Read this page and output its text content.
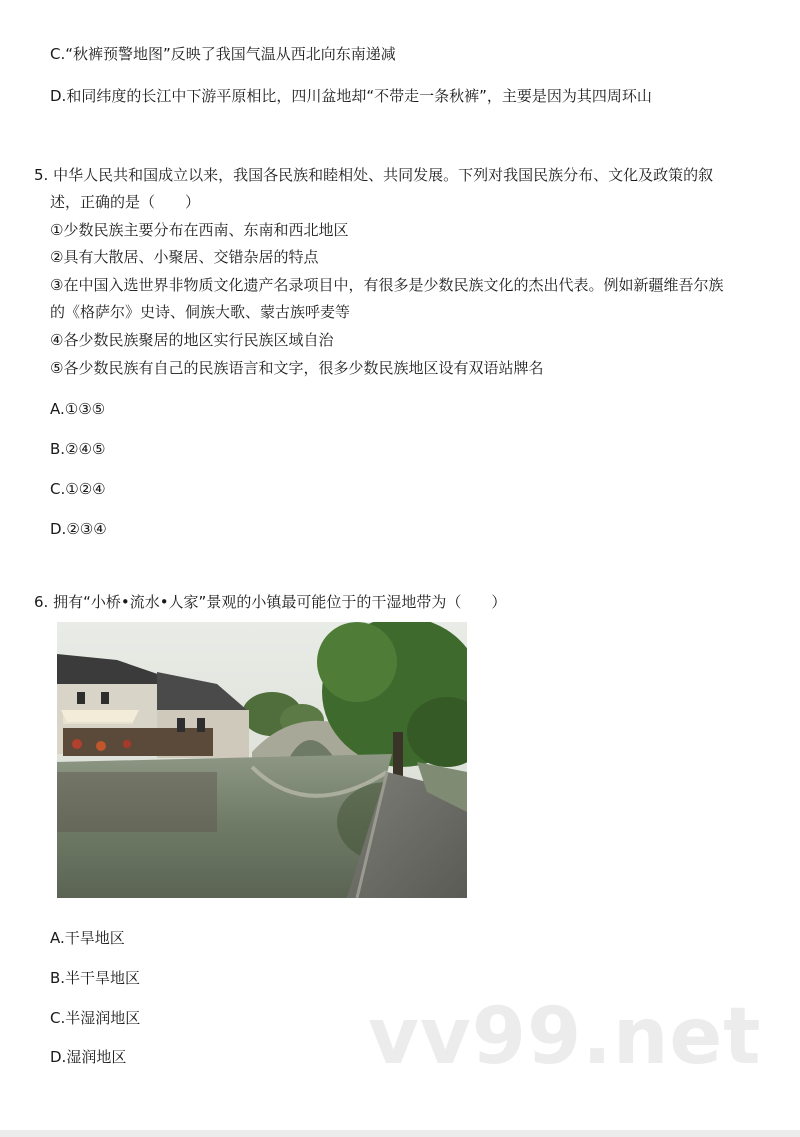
C.“秋裤预警地图”反映了我国气温从西北向东南递减
D.和同纬度的长江中下游平原相比，四川盆地却“不带走一条秋裤”，主要是因为其四周环山
5. 中华人民共和国成立以来，我国各民族和睦相处、共同发展。下列对我国民族分布、文化及政策的叙
述，正确的是（　　）
①少数民族主要分布在西南、东南和西北地区
②具有大散居、小聚居、交错杂居的特点
③在中国入选世界非物质文化遗产名录项目中，有很多是少数民族文化的杰出代表。例如新疆维吾尔族
的《格萨尔》史诗、侗族大歌、蒙古族呼麦等
④各少数民族聚居的地区实行民族区域自治
⑤各少数民族有自己的民族语言和文字，很多少数民族地区设有双语站牌名
A.①③⑤
B.②④⑤
C.①②④
D.②③④
6. 拥有“小桥•流水•人家”景观的小镇最可能位于的干湿地带为（　　）
A.干旱地区
B.半干旱地区
C.半湿润地区
D.湿润地区	vv99.net
